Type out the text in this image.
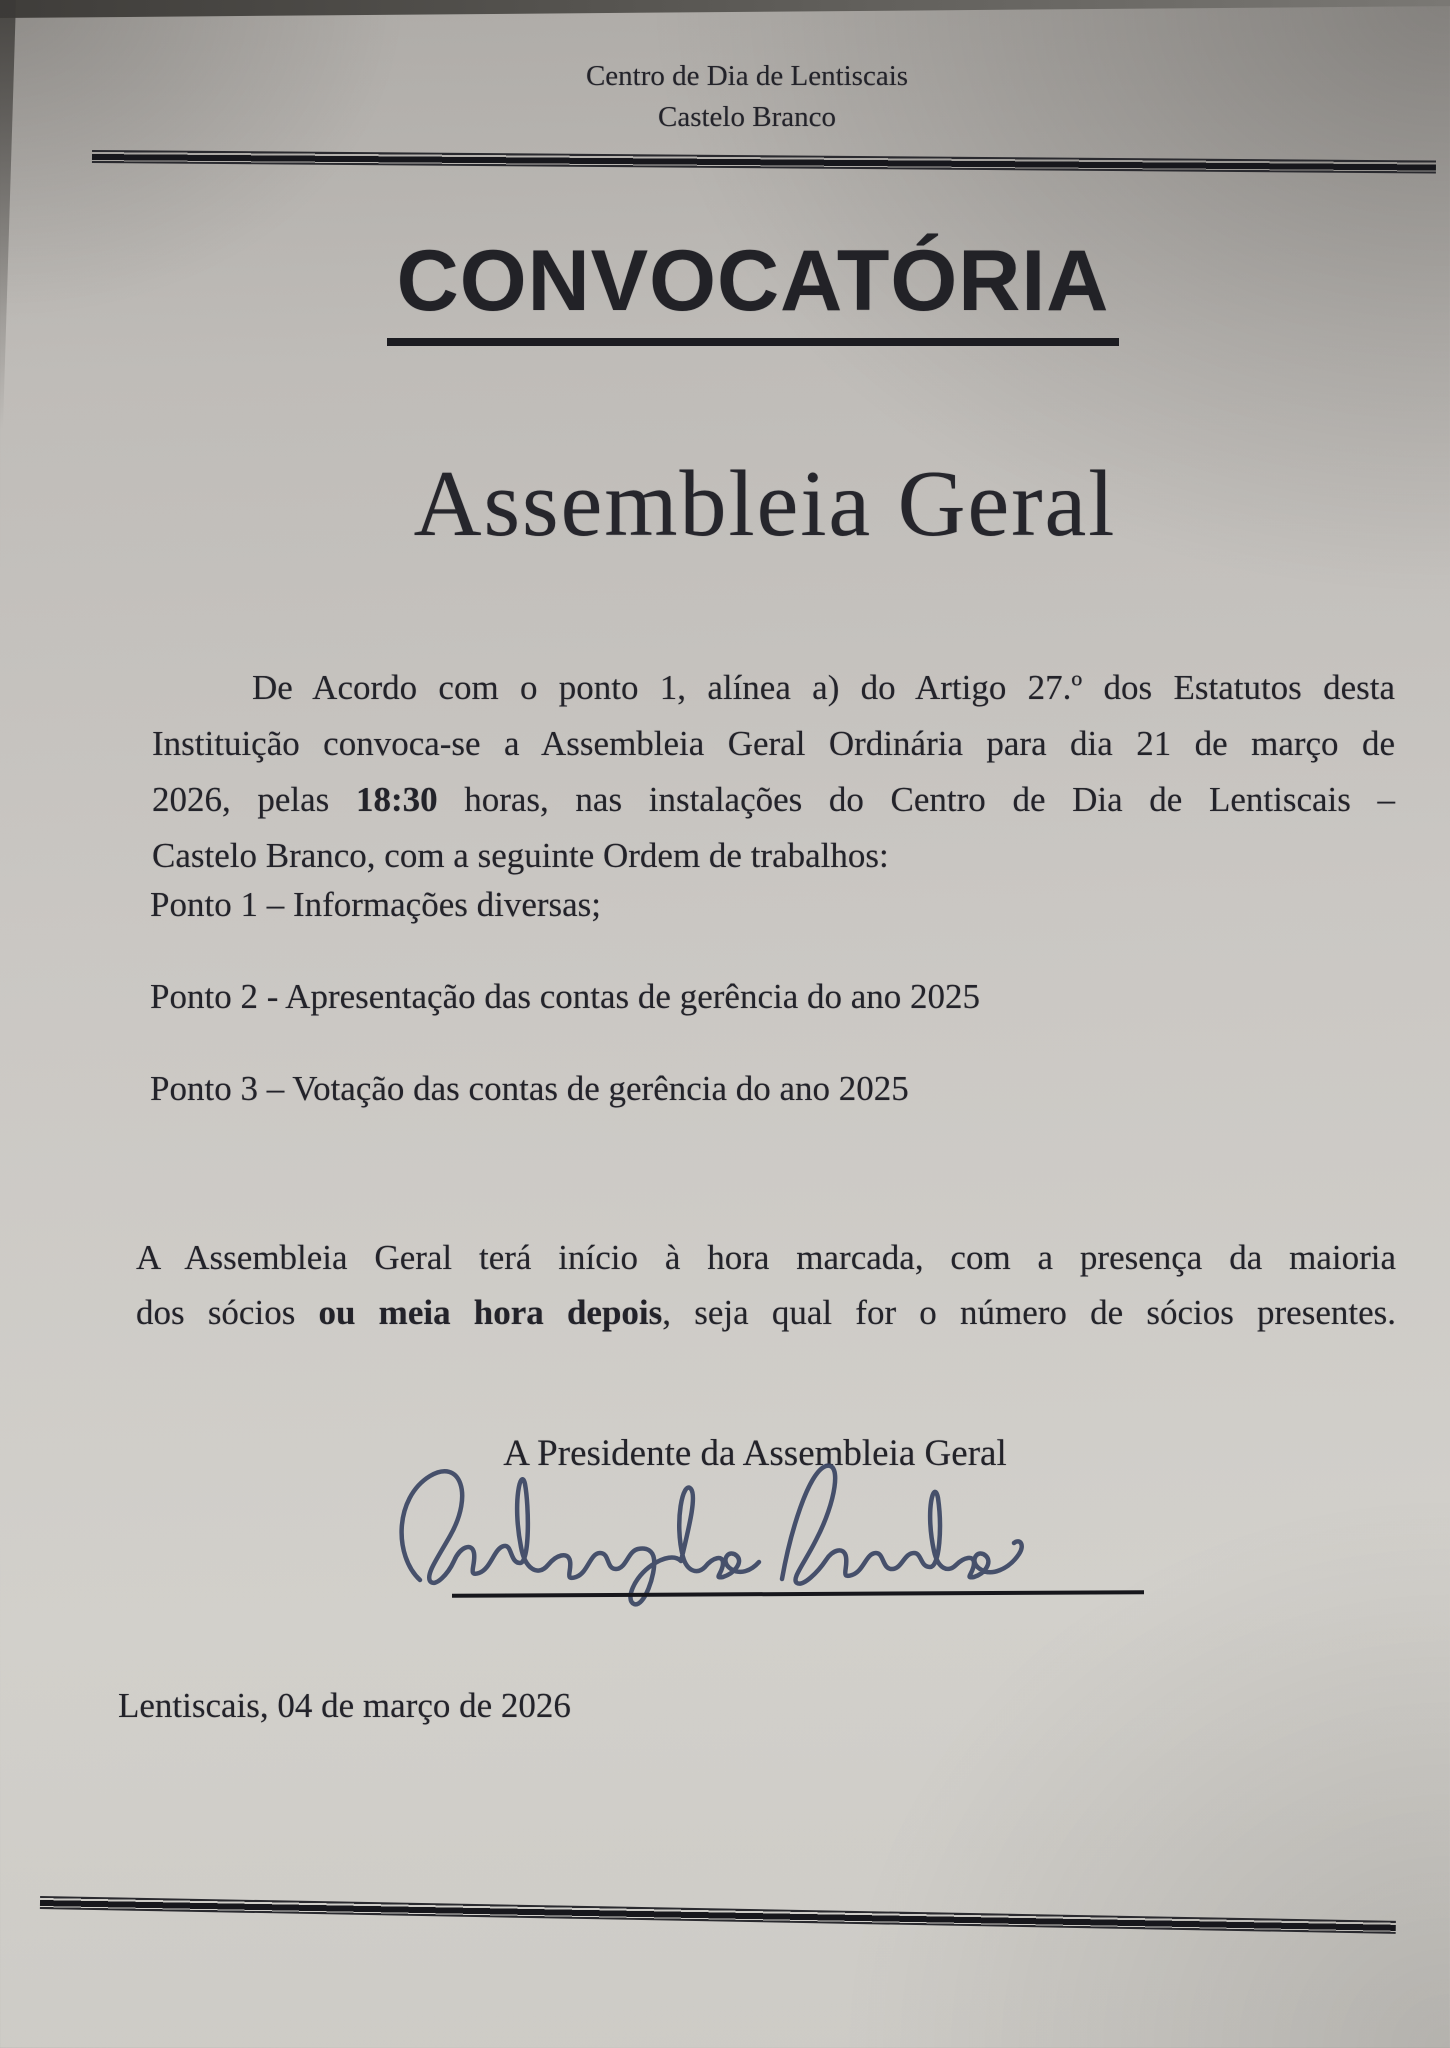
Centro de Dia de Lentiscais
Castelo Branco
CONVOCATÓRIA
Assembleia Geral
De Acordo com o ponto 1, alínea a) do Artigo 27.º dos Estatutos desta
Instituição convoca-se a Assembleia Geral Ordinária para dia 21 de março de
2026, pelas 18:30 horas, nas instalações do Centro de Dia de Lentiscais –
Castelo Branco, com a seguinte Ordem de trabalhos:
Ponto 1 – Informações diversas;
Ponto 2 - Apresentação das contas de gerência do ano 2025
Ponto 3 – Votação das contas de gerência do ano 2025
A Assembleia Geral terá início à hora marcada, com a presença da maioria
dos sócios ou meia hora depois, seja qual for o número de sócios presentes.
A Presidente da Assembleia Geral
Lentiscais, 04 de março de 2026
